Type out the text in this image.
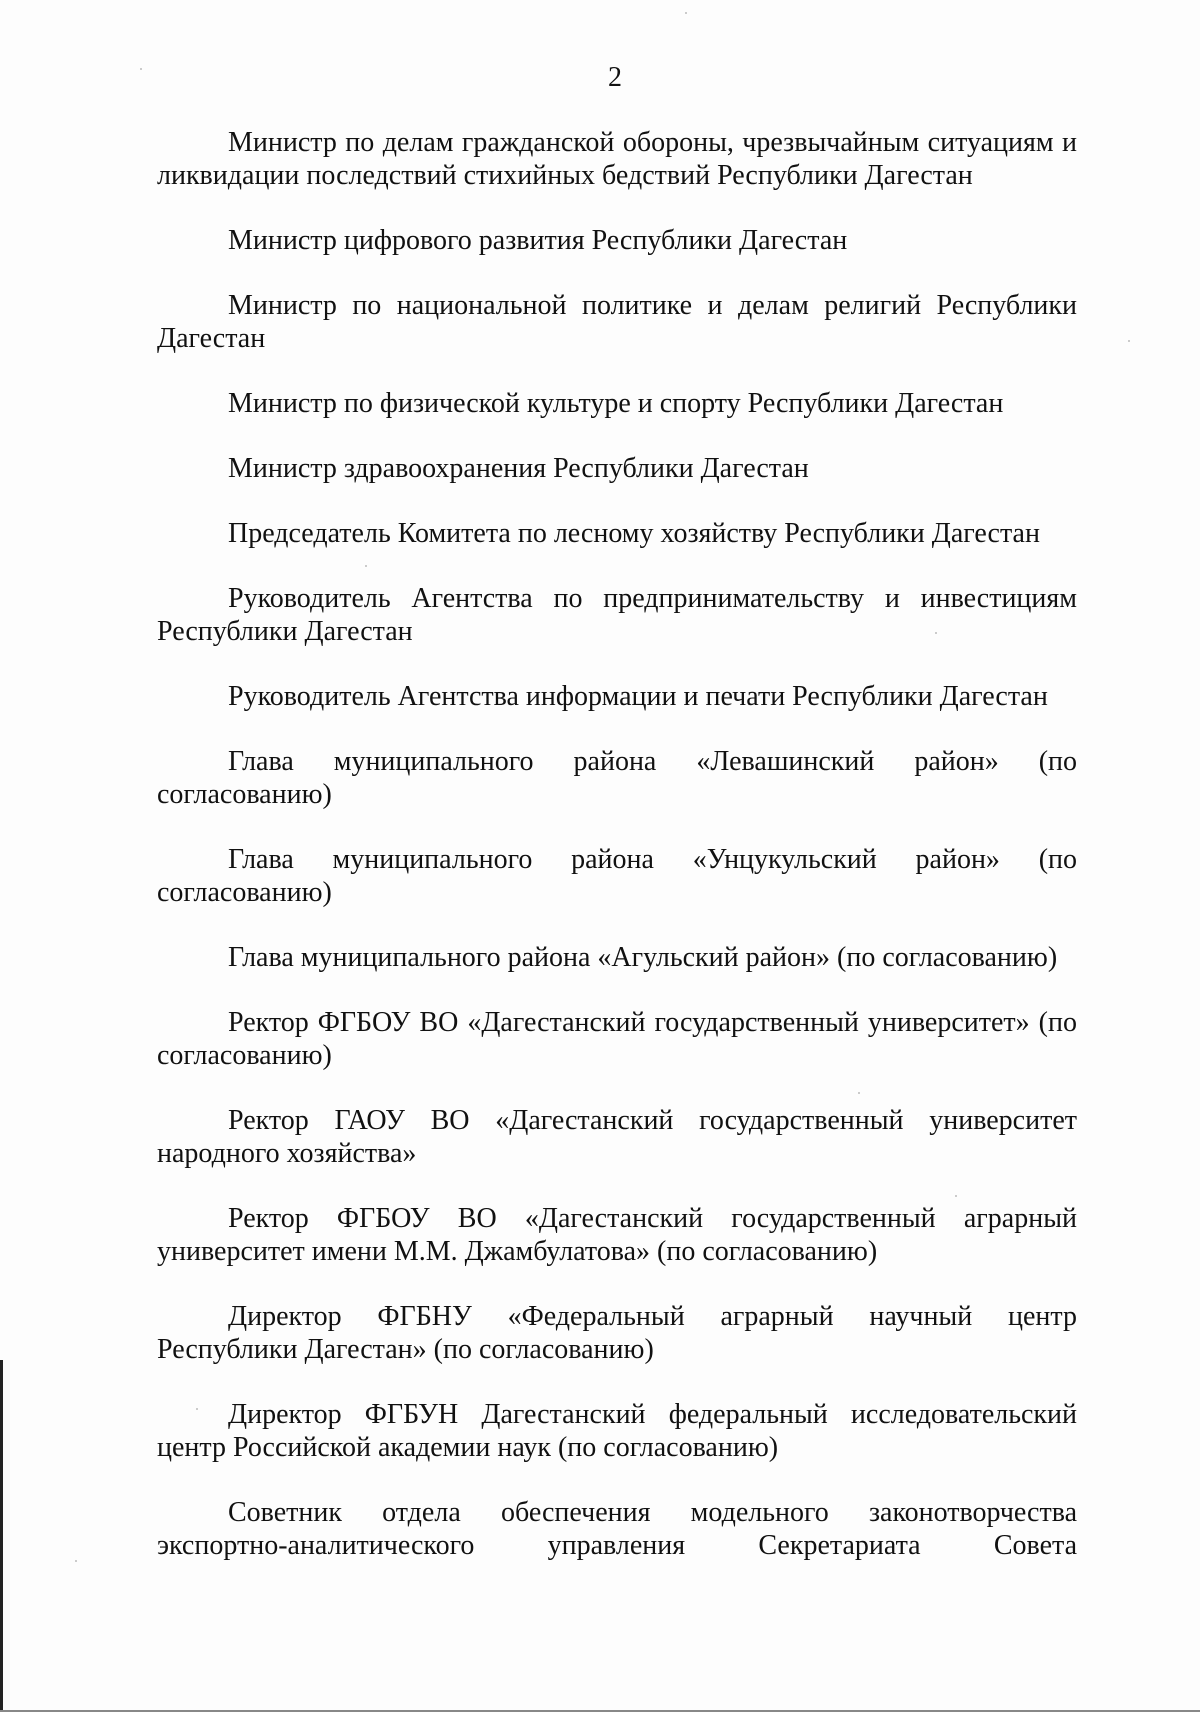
2

Министр по делам гражданской обороны, чрезвычайным ситуациям и ликвидации последствий стихийных бедствий Республики Дагестан

Министр цифрового развития Республики Дагестан

Министр по национальной политике и делам религий Республики Дагестан

Министр по физической культуре и спорту Республики Дагестан

Министр здравоохранения Республики Дагестан

Председатель Комитета по лесному хозяйству Республики Дагестан

Руководитель Агентства по предпринимательству и инвестициям Республики Дагестан

Руководитель Агентства информации и печати Республики Дагестан

Глава муниципального района «Левашинский район» (по согласованию)

Глава муниципального района «Унцукульский район» (по согласованию)

Глава муниципального района «Агульский район» (по согласованию)

Ректор ФГБОУ ВО «Дагестанский государственный университет» (по согласованию)

Ректор ГАОУ ВО «Дагестанский государственный университет народного хозяйства»

Ректор ФГБОУ ВО «Дагестанский государственный аграрный университет имени М.М. Джамбулатова» (по согласованию)

Директор ФГБНУ «Федеральный аграрный научный центр Республики Дагестан» (по согласованию)

Директор ФГБУН Дагестанский федеральный исследовательский центр Российской академии наук (по согласованию)

Советник отдела обеспечения модельного законотворчества экспортно-аналитического управления Секретариата Совета
